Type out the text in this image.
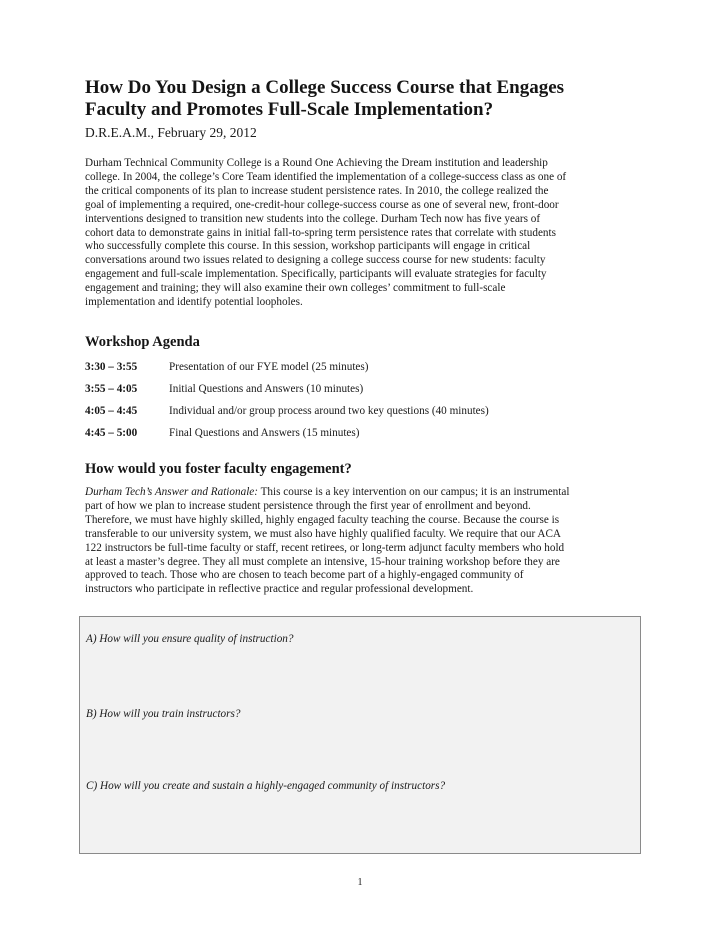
How Do You Design a College Success Course that Engages
Faculty and Promotes Full-Scale Implementation?

D.R.E.A.M., February 29, 2012

Durham Technical Community College is a Round One Achieving the Dream institution and leadership
college. In 2004, the college’s Core Team identified the implementation of a college-success class as one of
the critical components of its plan to increase student persistence rates. In 2010, the college realized the
goal of implementing a required, one-credit-hour college-success course as one of several new, front-door
interventions designed to transition new students into the college. Durham Tech now has five years of
cohort data to demonstrate gains in initial fall-to-spring term persistence rates that correlate with students
who successfully complete this course. In this session, workshop participants will engage in critical
conversations around two issues related to designing a college success course for new students: faculty
engagement and full-scale implementation. Specifically, participants will evaluate strategies for faculty
engagement and training; they will also examine their own colleges’ commitment to full-scale
implementation and identify potential loopholes.
Workshop Agenda
3:30 – 3:55	Presentation of our FYE model (25 minutes)
3:55 – 4:05	Initial Questions and Answers (10 minutes)
4:05 – 4:45	Individual and/or group process around two key questions (40 minutes)
4:45 – 5:00	Final Questions and Answers (15 minutes)
How would you foster faculty engagement?
Durham Tech’s Answer and Rationale: This course is a key intervention on our campus; it is an instrumental
part of how we plan to increase student persistence through the first year of enrollment and beyond.
Therefore, we must have highly skilled, highly engaged faculty teaching the course. Because the course is
transferable to our university system, we must also have highly qualified faculty. We require that our ACA
122 instructors be full-time faculty or staff, recent retirees, or long-term adjunct faculty members who hold
at least a master’s degree. They all must complete an intensive, 15-hour training workshop before they are
approved to teach. Those who are chosen to teach become part of a highly-engaged community of
instructors who participate in reflective practice and regular professional development.

A) How will you ensure quality of instruction?

B) How will you train instructors?

C) How will you create and sustain a highly-engaged community of instructors?

1
